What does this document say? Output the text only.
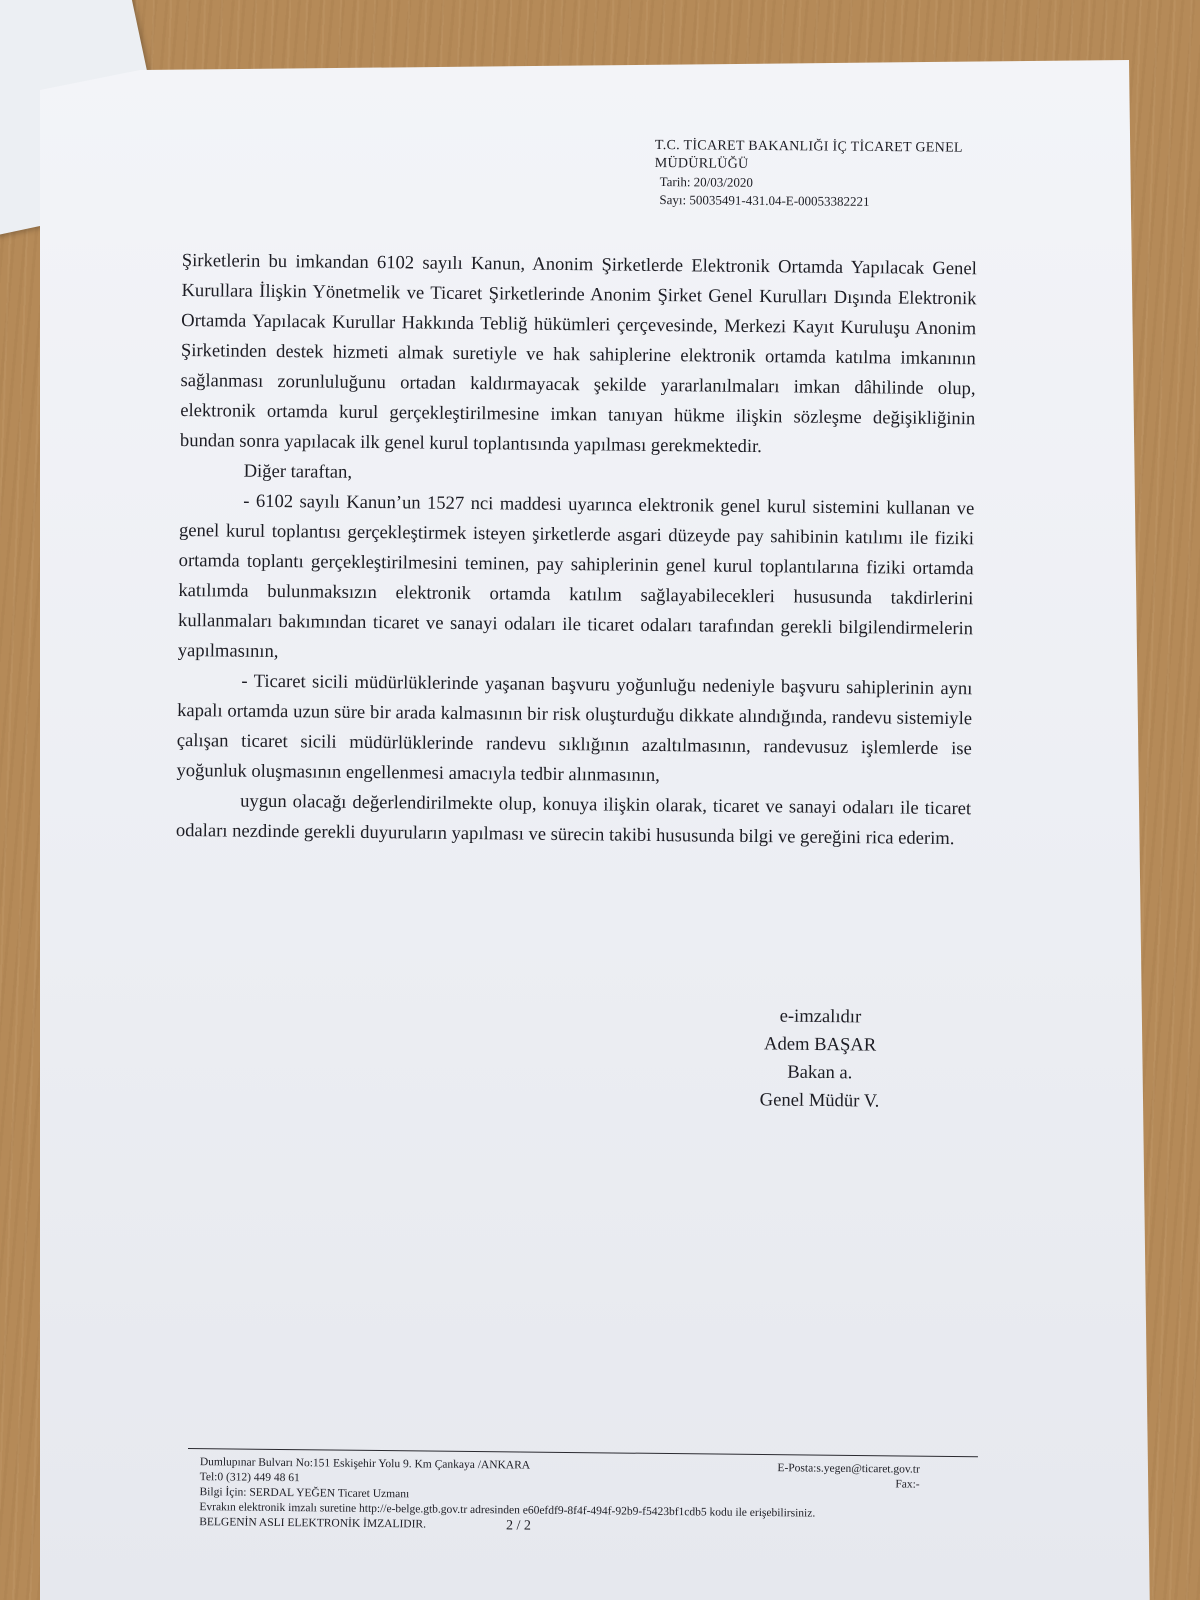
T.C. TİCARET BAKANLIĞI İÇ TİCARET GENEL
MÜDÜRLÜĞÜ
Tarih: 20/03/2020
Sayı: 50035491-431.04-E-00053382221

Şirketlerin bu imkandan 6102 sayılı Kanun, Anonim Şirketlerde Elektronik Ortamda Yapılacak Genel Kurullara İlişkin Yönetmelik ve Ticaret Şirketlerinde Anonim Şirket Genel Kurulları Dışında Elektronik Ortamda Yapılacak Kurullar Hakkında Tebliğ hükümleri çerçevesinde, Merkezi Kayıt Kuruluşu Anonim Şirketinden destek hizmeti almak suretiyle ve hak sahiplerine elektronik ortamda katılma imkanının sağlanması zorunluluğunu ortadan kaldırmayacak şekilde yararlanılmaları imkan dâhilinde olup, elektronik ortamda kurul gerçekleştirilmesine imkan tanıyan hükme ilişkin sözleşme değişikliğinin bundan sonra yapılacak ilk genel kurul toplantısında yapılması gerekmektedir.

Diğer taraftan,

- 6102 sayılı Kanun’un 1527 nci maddesi uyarınca elektronik genel kurul sistemini kullanan ve genel kurul toplantısı gerçekleştirmek isteyen şirketlerde asgari düzeyde pay sahibinin katılımı ile fiziki ortamda toplantı gerçekleştirilmesini teminen, pay sahiplerinin genel kurul toplantılarına fiziki ortamda katılımda bulunmaksızın elektronik ortamda katılım sağlayabilecekleri hususunda takdirlerini kullanmaları bakımından ticaret ve sanayi odaları ile ticaret odaları tarafından gerekli bilgilendirmelerin yapılmasının,

- Ticaret sicili müdürlüklerinde yaşanan başvuru yoğunluğu nedeniyle başvuru sahiplerinin aynı kapalı ortamda uzun süre bir arada kalmasının bir risk oluşturduğu dikkate alındığında, randevu sistemiyle çalışan ticaret sicili müdürlüklerinde randevu sıklığının azaltılmasının, randevusuz işlemlerde ise yoğunluk oluşmasının engellenmesi amacıyla tedbir alınmasının,

uygun olacağı değerlendirilmekte olup, konuya ilişkin olarak, ticaret ve sanayi odaları ile ticaret odaları nezdinde gerekli duyuruların yapılması ve sürecin takibi hususunda bilgi ve gereğini rica ederim.

e-imzalıdır
Adem BAŞAR
Bakan a.
Genel Müdür V.
Dumlupınar Bulvarı No:151 Eskişehir Yolu 9. Km Çankaya /ANKARA	E-Posta:s.yegen@ticaret.gov.tr
Tel:0 (312) 449 48 61
Fax:-
Bilgi İçin: SERDAL YEĞEN Ticaret Uzmanı
Evrakın elektronik imzalı suretine http://e-belge.gtb.gov.tr adresinden e60efdf9-8f4f-494f-92b9-f5423bf1cdb5 kodu ile erişebilirsiniz.
BELGENİN ASLI ELEKTRONİK İMZALIDIR.	2 / 2
